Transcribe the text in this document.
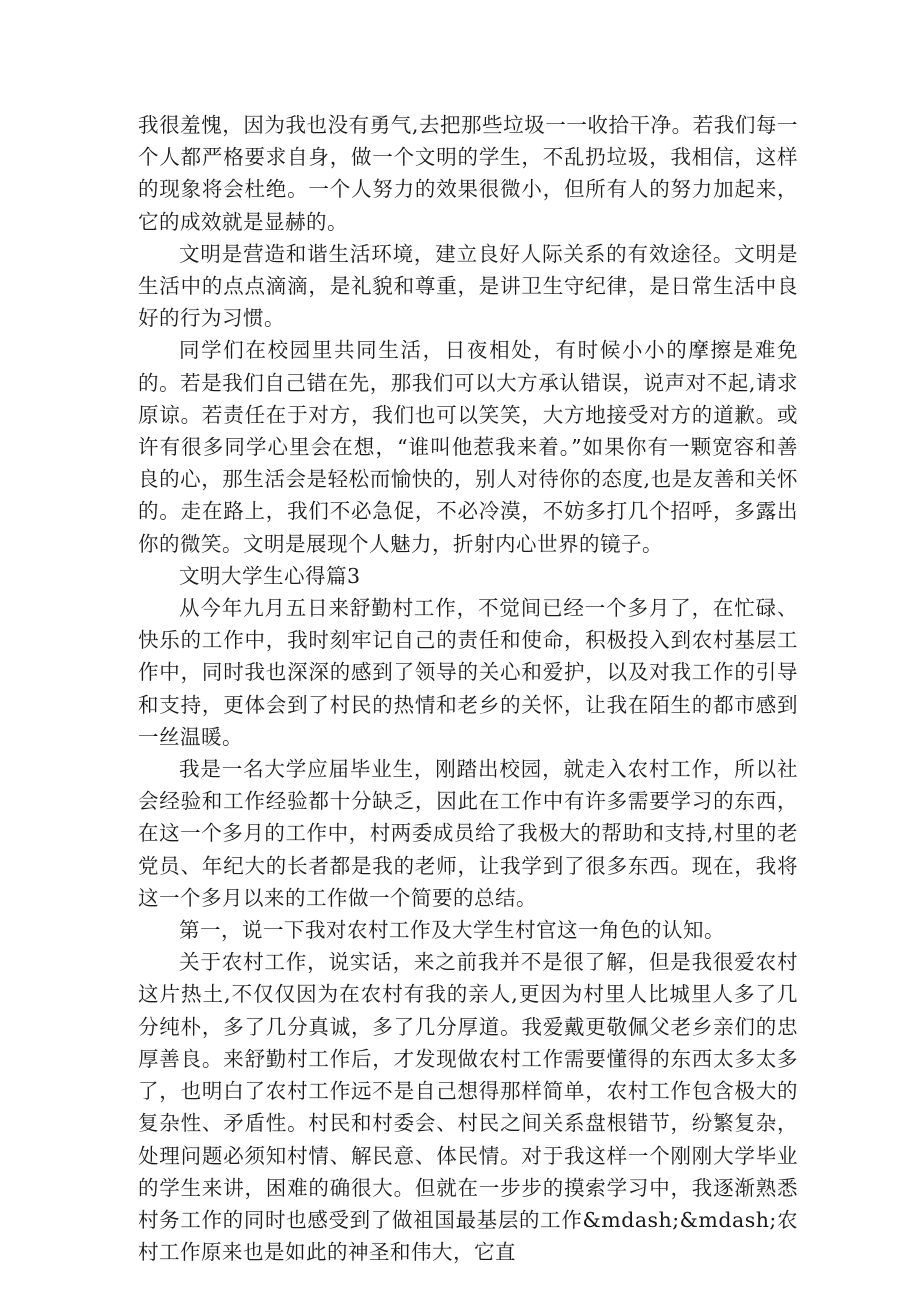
我很羞愧，因为我也没有勇气,去把那些垃圾一一收拾干净。若我们每一个人都严格要求自身，做一个文明的学生，不乱扔垃圾，我相信，这样的现象将会杜绝。一个人努力的效果很微小，但所有人的努力加起来，它的成效就是显赫的。

文明是营造和谐生活环境，建立良好人际关系的有效途径。文明是生活中的点点滴滴，是礼貌和尊重，是讲卫生守纪律，是日常生活中良好的行为习惯。

同学们在校园里共同生活，日夜相处，有时候小小的摩擦是难免的。若是我们自己错在先，那我们可以大方承认错误，说声对不起,请求原谅。若责任在于对方，我们也可以笑笑，大方地接受对方的道歉。或许有很多同学心里会在想，“谁叫他惹我来着。”如果你有一颗宽容和善良的心，那生活会是轻松而愉快的，别人对待你的态度,也是友善和关怀的。走在路上，我们不必急促，不必冷漠，不妨多打几个招呼，多露出你的微笑。文明是展现个人魅力，折射内心世界的镜子。

文明大学生心得篇3

从今年九月五日来舒勤村工作，不觉间已经一个多月了，在忙碌、快乐的工作中，我时刻牢记自己的责任和使命，积极投入到农村基层工作中，同时我也深深的感到了领导的关心和爱护，以及对我工作的引导和支持，更体会到了村民的热情和老乡的关怀，让我在陌生的都市感到一丝温暖。

我是一名大学应届毕业生，刚踏出校园，就走入农村工作，所以社会经验和工作经验都十分缺乏，因此在工作中有许多需要学习的东西，在这一个多月的工作中，村两委成员给了我极大的帮助和支持,村里的老党员、年纪大的长者都是我的老师，让我学到了很多东西。现在，我将这一个多月以来的工作做一个简要的总结。

第一，说一下我对农村工作及大学生村官这一角色的认知。

关于农村工作，说实话，来之前我并不是很了解，但是我很爱农村这片热土,不仅仅因为在农村有我的亲人,更因为村里人比城里人多了几分纯朴，多了几分真诚，多了几分厚道。我爱戴更敬佩父老乡亲们的忠厚善良。来舒勤村工作后，才发现做农村工作需要懂得的东西太多太多了，也明白了农村工作远不是自己想得那样简单，农村工作包含极大的复杂性、矛盾性。村民和村委会、村民之间关系盘根错节，纷繁复杂，处理问题必须知村情、解民意、体民情。对于我这样一个刚刚大学毕业的学生来讲，困难的确很大。但就在一步步的摸索学习中，我逐渐熟悉村务工作的同时也感受到了做祖国最基层的工作&mdash;&mdash;农村工作原来也是如此的神圣和伟大，它直
